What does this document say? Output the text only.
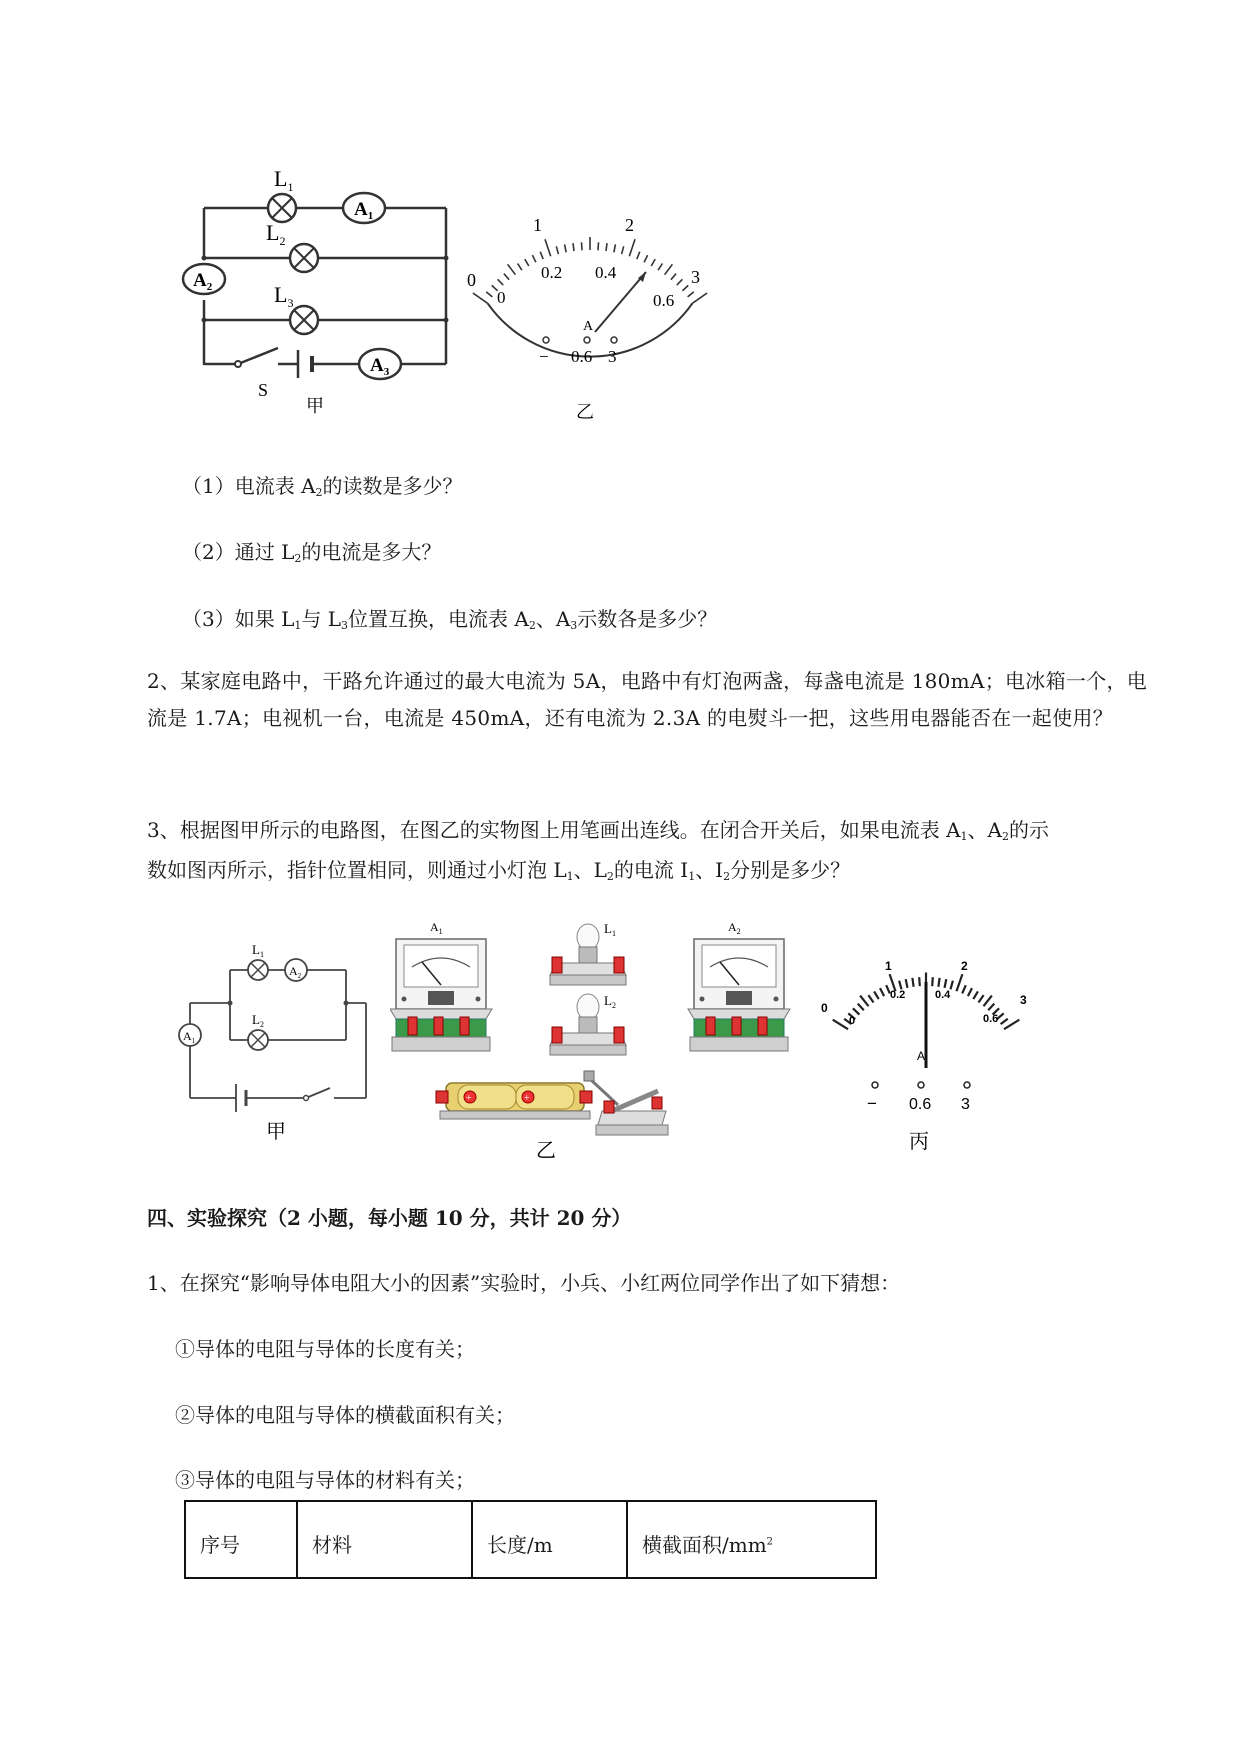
$L_1$
$L_2$
$L_3$
$A_1$
$A_2$
$A_3$
S
甲
0
1	2
3
0
0.2 0.4
0.6
A
− 0.6 3
乙
（1）电流表 $A_2$的读数是多少？
（2）通过 $L_2$的电流是多大？
（3）如果 $L_1$与 $L_3$位置互换，电流表 $A_2$、$A_3$示数各是多少？
2、某家庭电路中，干路允许通过的最大电流为 5A，电路中有灯泡两盏，每盏电流是 180mA；电冰箱一个，电流是 1.7A；电视机一台，电流是 450mA，还有电流为 2.3A 的电熨斗一把，这些用电器能否在一起使用？
3、根据图甲所示的电路图，在图乙的实物图上用笔画出连线。在闭合开关后，如果电流表 $A_1$、$A_2$的示
数如图丙所示，指针位置相同，则通过小灯泡 $L_1$、$L_2$的电流 $I_1$、$I_2$分别是多少？
$L_1$
$L_2$
$A_2$
$A_1$
甲
$A_1$	$A_2$
$L_1$
$L_2$
+	+
乙
A
0
1	2
3
0
0.2	0.4
0.6
− 0.6 3
丙
四、实验探究（2 小题，每小题 10 分，共计 20 分）
1、在探究“影响导体电阻大小的因素”实验时，小兵、小红两位同学作出了如下猜想：
①导体的电阻与导体的长度有关；
②导体的电阻与导体的横截面积有关；
③导体的电阻与导体的材料有关；
序号	材料	长度/m	横截面积$/mm^2$
